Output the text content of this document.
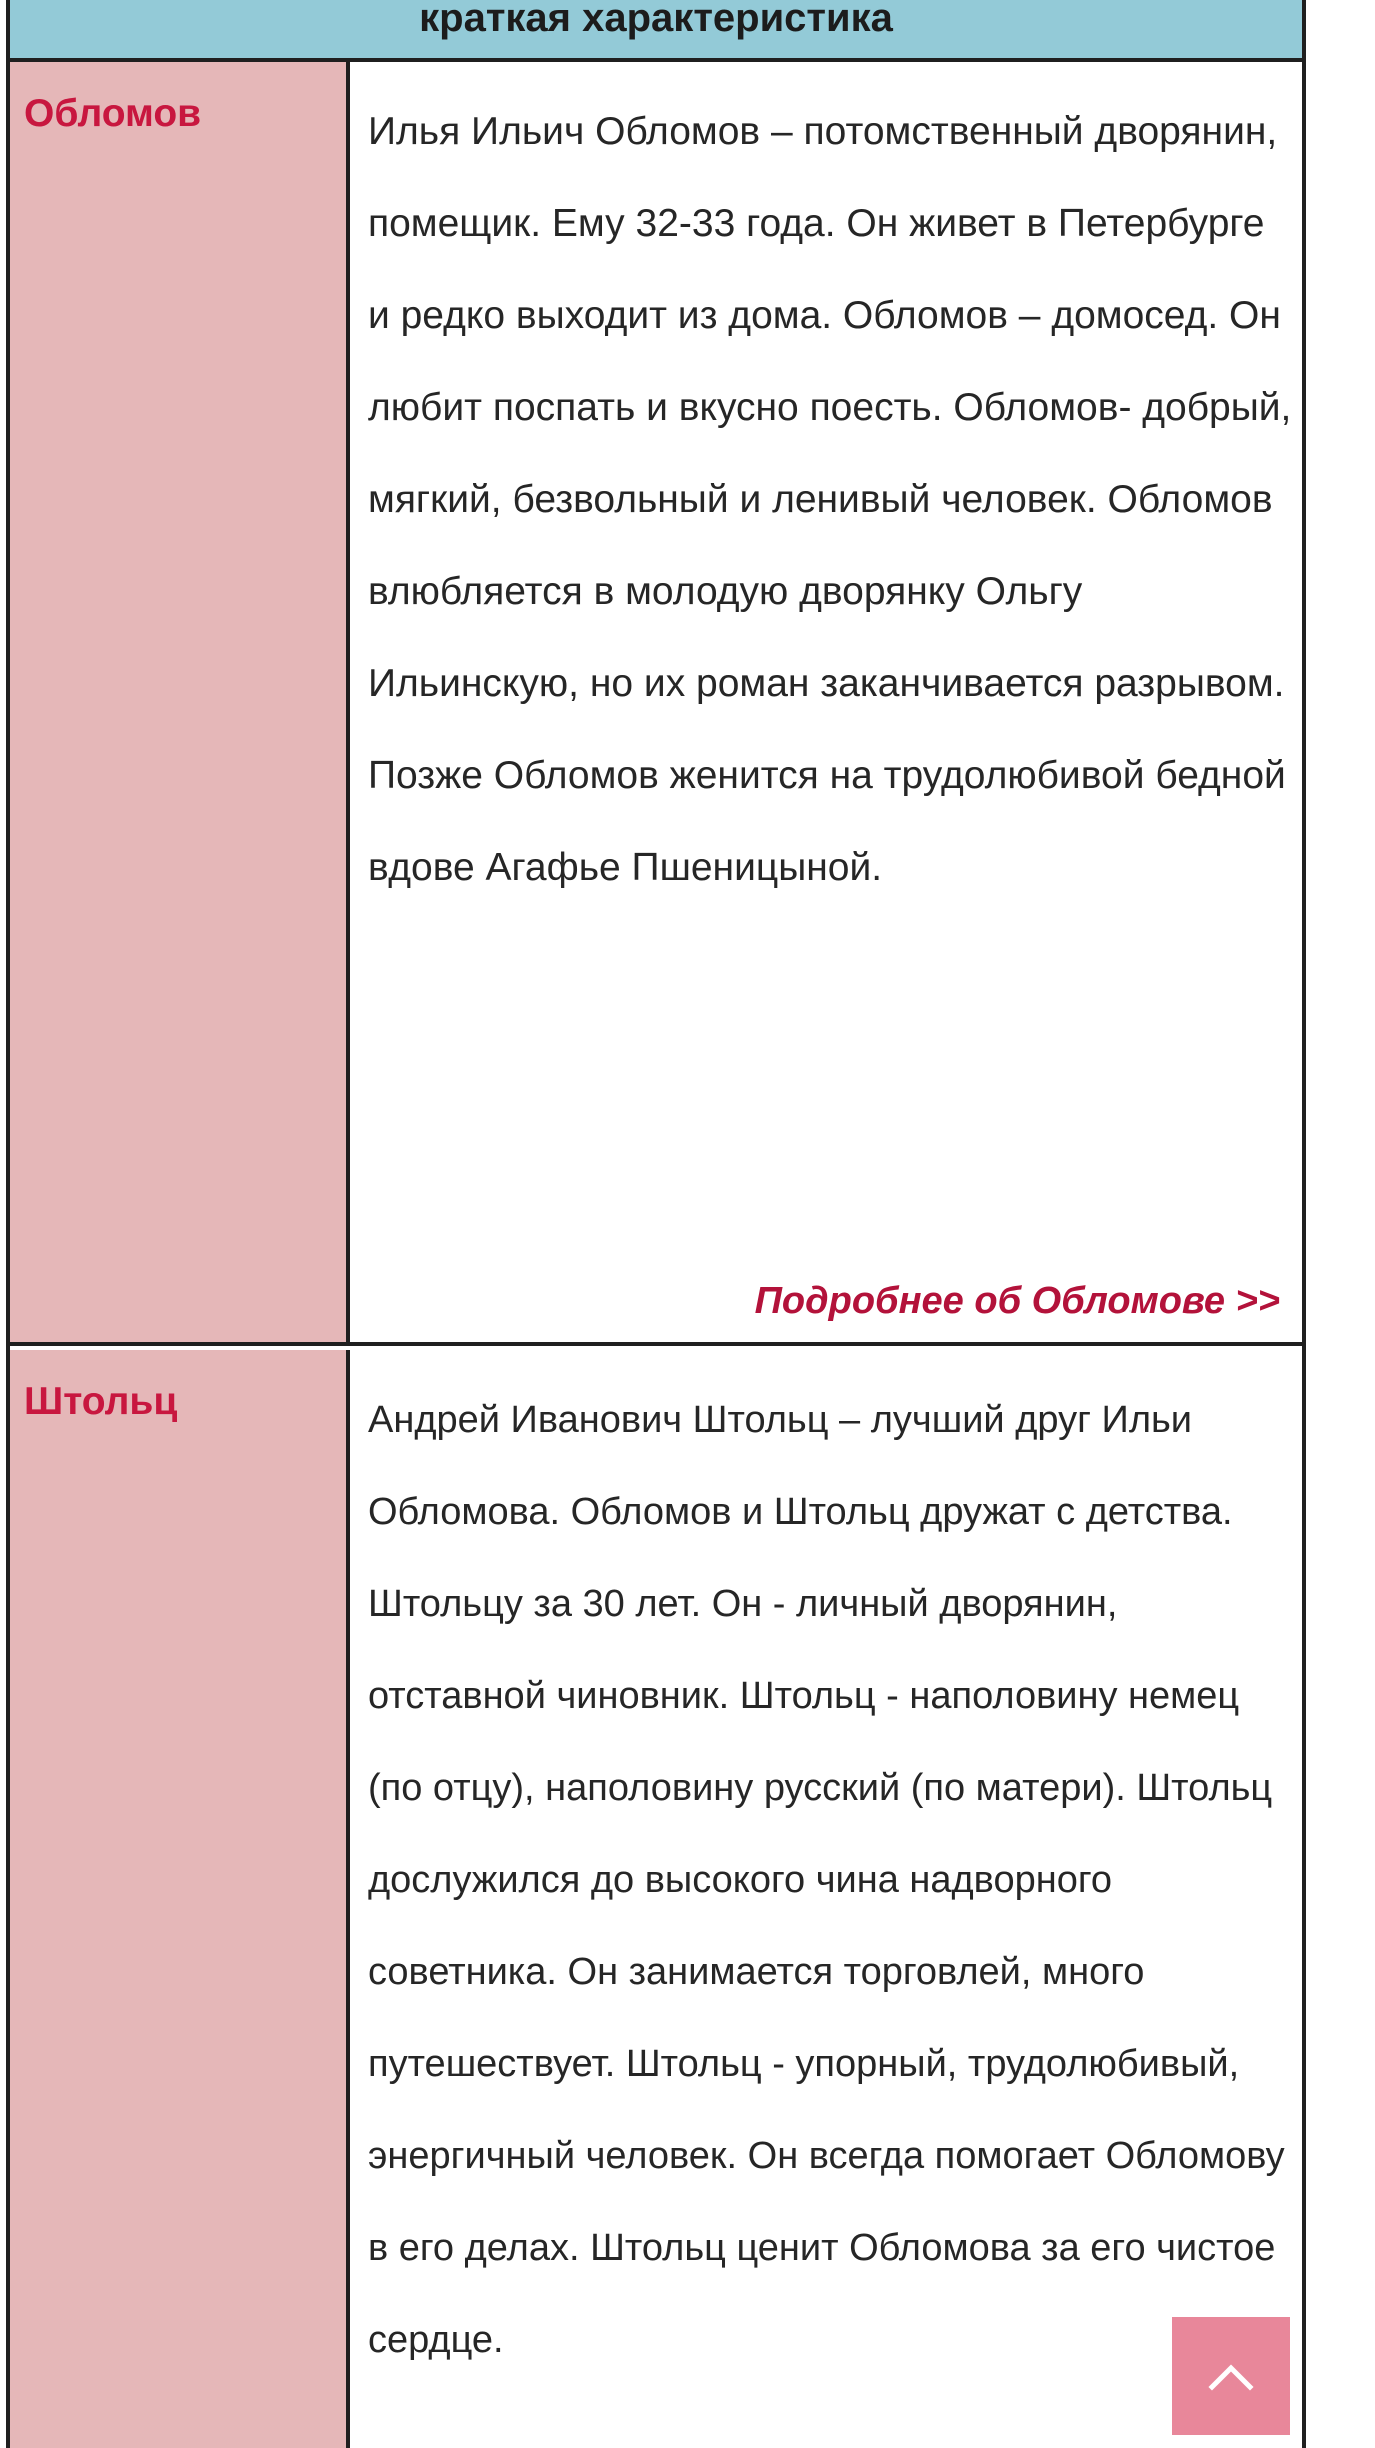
краткая характеристика
Обломов	Илья Ильич Обломов – потомственный дворянин, помещик. Ему 32-33 года. Он живет в Петербурге и редко выходит из дома. Обломов – домосед. Он любит поспать и вкусно поесть. Обломов- добрый, мягкий, безвольный и ленивый человек. Обломов влюбляется в молодую дворянку Ольгу Ильинскую, но их роман заканчивается разрывом. Позже Обломов женится на трудолюбивой бедной вдове Агафье Пшеницыной.

Подробнее об Обломове >>
Штольц	Андрей Иванович Штольц – лучший друг Ильи Обломова. Обломов и Штольц дружат с детства. Штольцу за 30 лет. Он - личный дворянин, отставной чиновник. Штольц - наполовину немец (по отцу), наполовину русский (по матери). Штольц дослужился до высокого чина надворного советника. Он занимается торговлей, много путешествует. Штольц - упорный, трудолюбивый, энергичный человек. Он всегда помогает Обломову в его делах. Штольц ценит Обломова за его чистое сердце.
